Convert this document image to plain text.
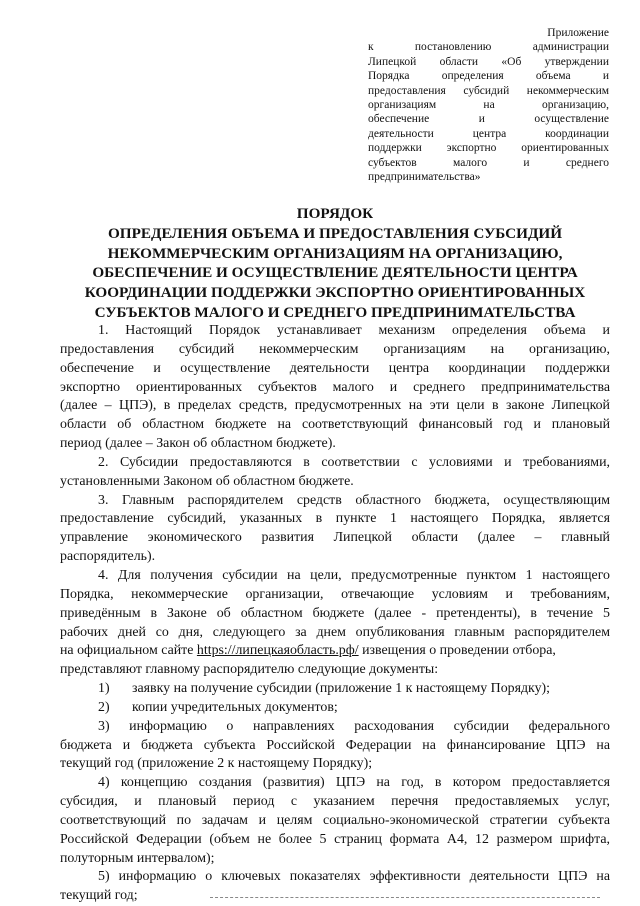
Приложение
к постановлению администрации
Липецкой области «Об утверждении
Порядка определения объема и
предоставления субсидий некоммерческим
организациям на организацию,
обеспечение и осуществление
деятельности центра координации
поддержки экспортно ориентированных
субъектов малого и среднего
предпринимательства»
ПОРЯДОК
ОПРЕДЕЛЕНИЯ ОБЪЕМА И ПРЕДОСТАВЛЕНИЯ СУБСИДИЙ
НЕКОММЕРЧЕСКИМ ОРГАНИЗАЦИЯМ НА ОРГАНИЗАЦИЮ,
ОБЕСПЕЧЕНИЕ И ОСУЩЕСТВЛЕНИЕ ДЕЯТЕЛЬНОСТИ ЦЕНТРА
КООРДИНАЦИИ ПОДДЕРЖКИ ЭКСПОРТНО ОРИЕНТИРОВАННЫХ
СУБЪЕКТОВ МАЛОГО И СРЕДНЕГО ПРЕДПРИНИМАТЕЛЬСТВА
1. Настоящий Порядок устанавливает механизм определения объема и
предоставления субсидий некоммерческим организациям на организацию,
обеспечение и осуществление деятельности центра координации поддержки
экспортно ориентированных субъектов малого и среднего предпринимательства
(далее – ЦПЭ), в пределах средств, предусмотренных на эти цели в законе Липецкой
области об областном бюджете на соответствующий финансовый год и плановый
период (далее – Закон об областном бюджете).
2. Субсидии предоставляются в соответствии с условиями и требованиями,
установленными Законом об областном бюджете.
3. Главным распорядителем средств областного бюджета, осуществляющим
предоставление субсидий, указанных в пункте 1 настоящего Порядка, является
управление экономического развития Липецкой области (далее – главный
распорядитель).
4. Для получения субсидии на цели, предусмотренные пунктом 1 настоящего
Порядка, некоммерческие организации, отвечающие условиям и требованиям,
приведённым в Законе об областном бюджете (далее - претенденты), в течение 5
рабочих дней со дня, следующего за днем опубликования главным распорядителем
на официальном сайте https://липецкаяобласть.рф/ извещения о проведении отбора,
представляют главному распорядителю следующие документы:
1) заявку на получение субсидии (приложение 1 к настоящему Порядку);
2) копии учредительных документов;
3) информацию о направлениях расходования субсидии федерального
бюджета и бюджета субъекта Российской Федерации на финансирование ЦПЭ на
текущий год (приложение 2 к настоящему Порядку);
4) концепцию создания (развития) ЦПЭ на год, в котором предоставляется
субсидия, и плановый период с указанием перечня предоставляемых услуг,
соответствующий по задачам и целям социально-экономической стратегии субъекта
Российской Федерации (объем не более 5 страниц формата А4, 12 размером шрифта,
полуторным интервалом);
5) информацию о ключевых показателях эффективности деятельности ЦПЭ на
текущий год;
